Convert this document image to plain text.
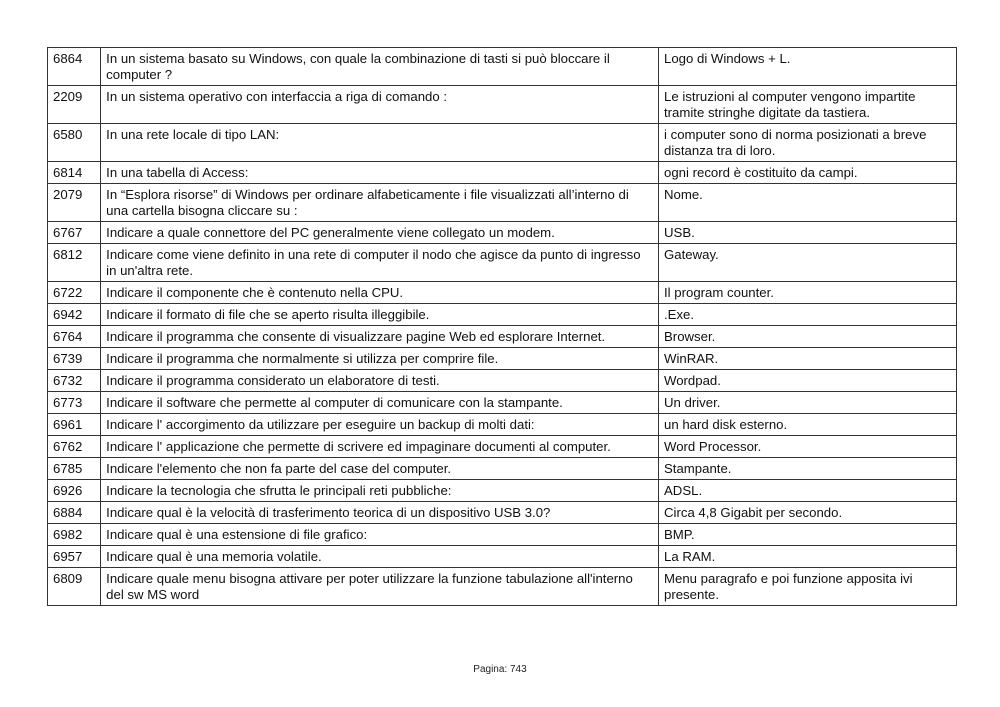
6864	In un sistema basato su Windows, con quale la combinazione di tasti si può bloccare il computer ?	Logo di Windows + L.
2209	In un sistema operativo con interfaccia a riga di comando :	Le istruzioni al computer vengono impartite tramite stringhe digitate da tastiera.
6580	In una rete locale di tipo LAN:	i computer sono di norma posizionati a breve distanza tra di loro.
6814	In una tabella di Access:	ogni record è costituito da campi.
2079	In “Esplora risorse” di Windows per ordinare alfabeticamente i file visualizzati all’interno di una cartella bisogna cliccare su :	Nome.
6767	Indicare a quale connettore del PC generalmente viene collegato un modem.	USB.
6812	Indicare come viene definito in una rete di computer il nodo che agisce da punto di ingresso in un'altra rete.	Gateway.
6722	Indicare il componente che è contenuto nella CPU.	Il program counter.
6942	Indicare il formato di file che se aperto risulta illeggibile.	.Exe.
6764	Indicare il programma che consente di visualizzare pagine Web ed esplorare Internet.	Browser.
6739	Indicare il programma che normalmente si utilizza per comprire file.	WinRAR.
6732	Indicare il programma considerato un elaboratore di testi.	Wordpad.
6773	Indicare il software che permette al computer di comunicare con la stampante.	Un driver.
6961	Indicare l' accorgimento da utilizzare per eseguire un backup di molti dati:	un hard disk esterno.
6762	Indicare l' applicazione che permette di scrivere ed impaginare documenti al computer.	Word Processor.
6785	Indicare l'elemento che non fa parte del case del computer.	Stampante.
6926	Indicare la tecnologia che sfrutta le principali reti pubbliche:	ADSL.
6884	Indicare qual è la velocità di trasferimento teorica di un dispositivo USB 3.0?	Circa 4,8 Gigabit per secondo.
6982	Indicare qual è una estensione di file grafico:	BMP.
6957	Indicare qual è una memoria volatile.	La RAM.
6809	Indicare quale menu bisogna attivare per poter utilizzare la funzione tabulazione all'interno del sw MS word	Menu paragrafo e poi funzione apposita ivi presente.
Pagina: 743
